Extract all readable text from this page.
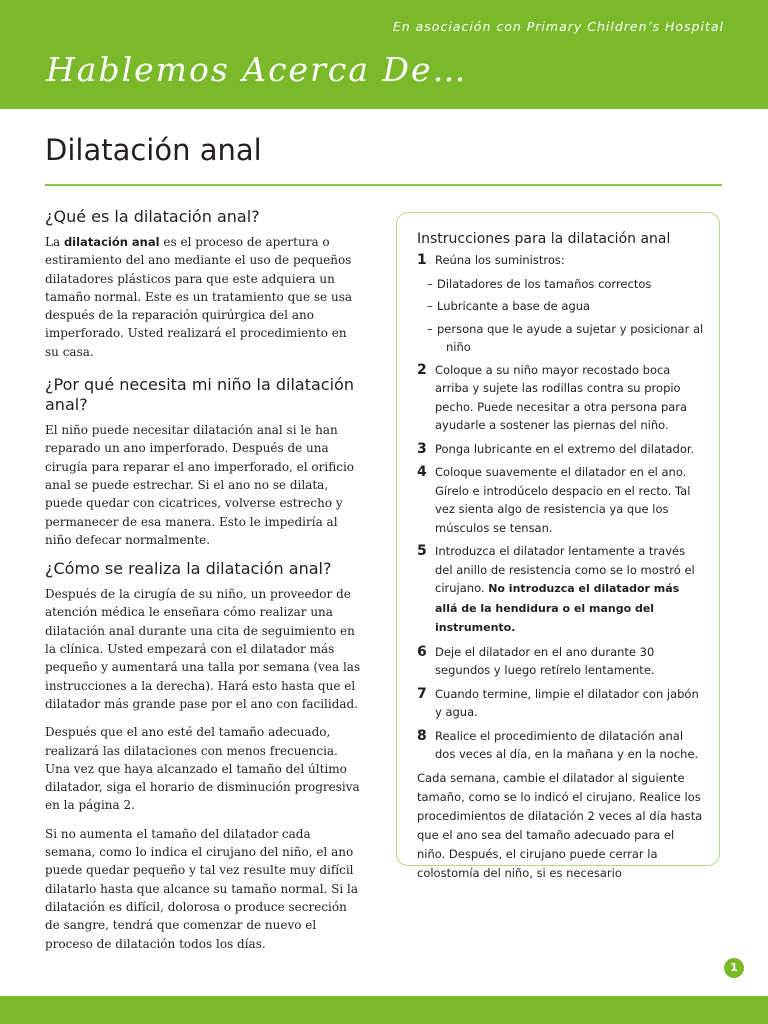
En asociación con Primary Children’s Hospital
Hablemos Acerca De…
Dilatación anal
¿Qué es la dilatación anal?

La dilatación anal es el proceso de apertura o estiramiento del ano mediante el uso de pequeños dilatadores plásticos para que este adquiera un tamaño normal. Este es un tratamiento que se usa después de la reparación quirúrgica del ano imperforado. Usted realizará el procedimiento en su casa.

¿Por qué necesita mi niño la dilatación anal?

El niño puede necesitar dilatación anal si le han reparado un ano imperforado. Después de una cirugía para reparar el ano imperforado, el orificio anal se puede estrechar. Si el ano no se dilata, puede quedar con cicatrices, volverse estrecho y permanecer de esa manera. Esto le impediría al niño defecar normalmente.

¿Cómo se realiza la dilatación anal?

Después de la cirugía de su niño, un proveedor de atención médica le enseñara cómo realizar una dilatación anal durante una cita de seguimiento en la clínica. Usted empezará con el dilatador más pequeño y aumentará una talla por semana (vea las instrucciones a la derecha). Hará esto hasta que el dilatador más grande pase por el ano con facilidad.

Después que el ano esté del tamaño adecuado, realizará las dilataciones con menos frecuencia. Una vez que haya alcanzado el tamaño del último dilatador, siga el horario de disminución progresiva en la página 2.

Si no aumenta el tamaño del dilatador cada semana, como lo indica el cirujano del niño, el ano puede quedar pequeño y tal vez resulte muy difícil dilatarlo hasta que alcance su tamaño normal. Si la dilatación es difícil, dolorosa o produce secreción de sangre, tendrá que comenzar de nuevo el proceso de dilatación todos los días.

Instrucciones para la dilatación anal
1 Reúna los suministros:
– Dilatadores de los tamaños correctos
– Lubricante a base de agua
– persona que le ayude a sujetar y posicionar al niño
2 Coloque a su niño mayor recostado boca arriba y sujete las rodillas contra su propio pecho. Puede necesitar a otra persona para ayudarle a sostener las piernas del niño.
3 Ponga lubricante en el extremo del dilatador.
4 Coloque suavemente el dilatador en el ano. Gírelo e introdúcelo despacio en el recto. Tal vez sienta algo de resistencia ya que los músculos se tensan.
5 Introduzca el dilatador lentamente a través del anillo de resistencia como se lo mostró el cirujano. No introduzca el dilatador más allá de la hendidura o el mango del instrumento.
6 Deje el dilatador en el ano durante 30 segundos y luego retírelo lentamente.
7 Cuando termine, limpie el dilatador con jabón y agua.
8 Realice el procedimiento de dilatación anal dos veces al día, en la mañana y en la noche.
Cada semana, cambie el dilatador al siguiente tamaño, como se lo indicó el cirujano. Realice los procedimientos de dilatación 2 veces al día hasta que el ano sea del tamaño adecuado para el niño. Después, el cirujano puede cerrar la colostomía del niño, si es necesario
1
